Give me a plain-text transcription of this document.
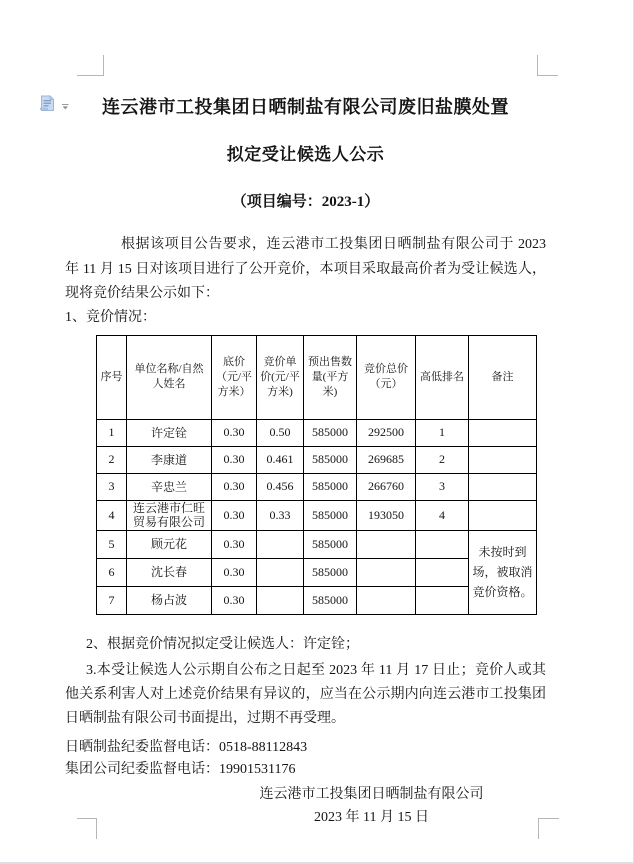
连云港市工投集团日晒制盐有限公司废旧盐膜处置
拟定受让候选人公示
（项目编号：2023-1）

根据该项目公告要求，连云港市工投集团日晒制盐有限公司于 2023 年 11 月 15 日对该项目进行了公开竞价，本项目采取最高价者为受让候选人，现将竞价结果公示如下：

1、竞价情况：

序号	单位名称/自然人姓名	底价（元/平方米）	竞价单价(元/平方米)	预出售数量(平方米)	竞价总价（元）	高低排名	备注
1	许定铨	0.30	0.50	585000	292500	1	
2	李康道	0.30	0.461	585000	269685	2	
3	辛忠兰	0.30	0.456	585000	266760	3	
4	连云港市仁旺贸易有限公司	0.30	0.33	585000	193050	4	
5	顾元花	0.30		585000			未按时到场，被取消竞价资格。
6	沈长春	0.30		585000			
7	杨占波	0.30		585000			

2、根据竞价情况拟定受让候选人：许定铨；

3.本受让候选人公示期自公布之日起至 2023 年 11 月 17 日止；竞价人或其他关系利害人对上述竞价结果有异议的，应当在公示期内向连云港市工投集团日晒制盐有限公司书面提出，过期不再受理。

日晒制盐纪委监督电话：0518-88112843

集团公司纪委监督电话：19901531176

连云港市工投集团日晒制盐有限公司
2023 年 11 月 15 日
